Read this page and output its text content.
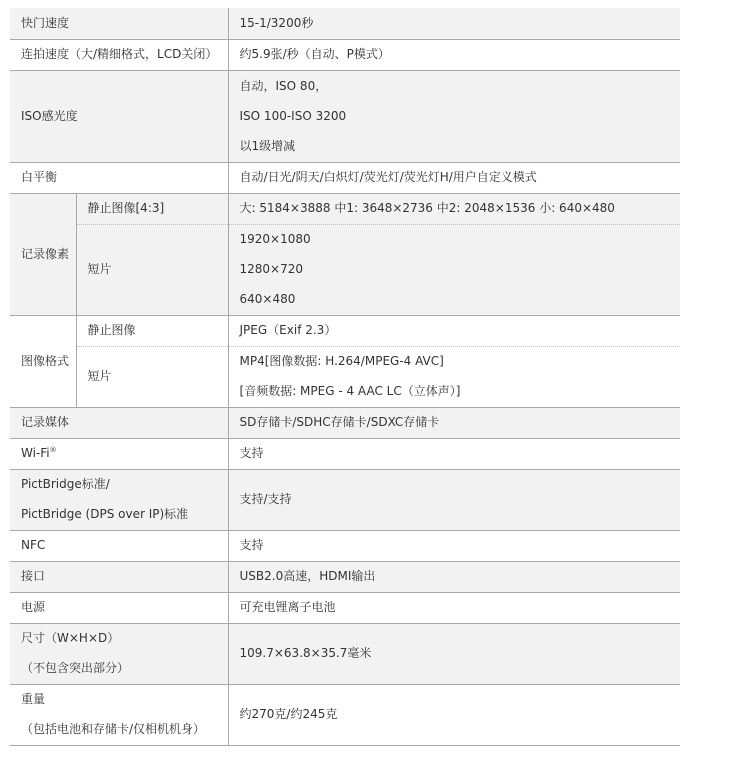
快门速度		15-1/3200秒
连拍速度（大/精细格式，LCD关闭）		约5.9张/秒（自动、P模式）
ISO感光度		自动，ISO 80，
ISO 100-ISO 3200
以1级增减

白平衡		自动/日光/阴天/白炽灯/荧光灯/荧光灯H/用户自定义模式
记录像素	静止图像[4:3]	大: 5184×3888 中1: 3648×2736 中2: 2048×1536 小: 640×480
	短片	1920×1080
1280×720
640×480

图像格式	静止图像	JPEG（Exif 2.3）
	短片	MP4[图像数据: H.264/MPEG-4 AVC]
[音频数据: MPEG - 4 AAC LC（立体声）]

记录媒体		SD存储卡/SDHC存储卡/SDXC存储卡
Wi-Fi®		支持

PictBridge标准/
PictBridge (DPS over IP)标准		支持/支持
NFC		支持
接口		USB2.0高速，HDMI输出
电源		可充电锂离子电池

尺寸（W×H×D）
（不包含突出部分）		109.7×63.8×35.7毫米

重量
（包括电池和存储卡/仅相机机身）		约270克/约245克
